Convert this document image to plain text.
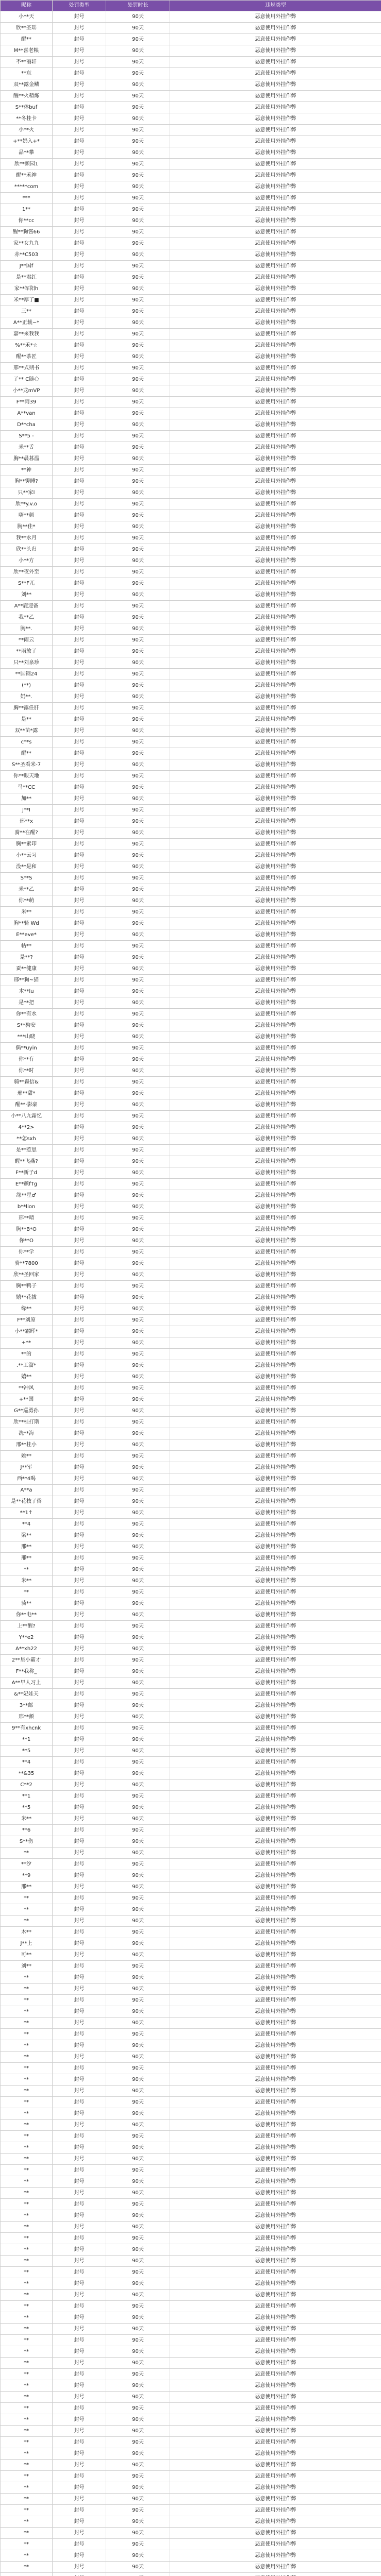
昵称	处罚类型	处罚时长	违规类型
小**天	封号	90天	恶意使用外挂作弊
欣**圣瑶	封号	90天	恶意使用外挂作弊
醒**	封号	90天	恶意使用外挂作弊
M**喜老粮	封号	90天	恶意使用外挂作弊
不**丽轩	封号	90天	恶意使用外挂作弊
**东	封号	90天	恶意使用外挂作弊
双**露金鳞	封号	90天	恶意使用外挂作弊
醒**火精炼	封号	90天	恶意使用外挂作弊
S**体buf	封号	90天	恶意使用外挂作弊
**冬桂卡	封号	90天	恶意使用外挂作弊
小**火	封号	90天	恶意使用外挂作弊
+**奶入+*	封号	90天	恶意使用外挂作弊
品**攀	封号	90天	恶意使用外挂作弊
欣**颜园1	封号	90天	恶意使用外挂作弊
醒**禾神	封号	90天	恶意使用外挂作弊
*****com	封号	90天	恶意使用外挂作弊
***	封号	90天	恶意使用外挂作弊
1**	封号	90天	恶意使用外挂作弊
你**cc	封号	90天	恶意使用外挂作弊
醒**狗酱66	封号	90天	恶意使用外挂作弊
家**女九九	封号	90天	恶意使用外挂作弊
赤**C503	封号	90天	恶意使用外挂作弊
J**国f	封号	90天	恶意使用外挂作弊
是**君红	封号	90天	恶意使用外挂作弊
家**军阳h	封号	90天	恶意使用外挂作弊
米**厚了■	封号	90天	恶意使用外挂作弊
三**	封号	90天	恶意使用外挂作弊
A**正载~*	封号	90天	恶意使用外挂作弊
嘉**来我我	封号	90天	恶意使用外挂作弊
%**禾*☆	封号	90天	恶意使用外挂作弊
醒**茶匠	封号	90天	恶意使用外挂作弊
邢**式朔书	封号	90天	恶意使用外挂作弊
了** C随心	封号	90天	恶意使用外挂作弊
小**龙mVP	封号	90天	恶意使用外挂作弊
F**雨39	封号	90天	恶意使用外挂作弊
A**van	封号	90天	恶意使用外挂作弊
D**cha	封号	90天	恶意使用外挂作弊
S**5 -	封号	90天	恶意使用外挂作弊
米**舌	封号	90天	恶意使用外挂作弊
胸**晨暮温	封号	90天	恶意使用外挂作弊
**神	封号	90天	恶意使用外挂作弊
胸**霁睡?	封号	90天	恶意使用外挂作弊
只**家l	封号	90天	恶意使用外挂作弊
欣**y.v.o	封号	90天	恶意使用外挂作弊
嗨**颜	封号	90天	恶意使用外挂作弊
胸**佳*	封号	90天	恶意使用外挂作弊
我**水月	封号	90天	恶意使用外挂作弊
欣**头归	封号	90天	恶意使用外挂作弊
小**方	封号	90天	恶意使用外挂作弊
欣**夜外至	封号	90天	恶意使用外挂作弊
S**F兀	封号	90天	恶意使用外挂作弊
刘**	封号	90天	恶意使用外挂作弊
A**鹿迎备	封号	90天	恶意使用外挂作弊
我**乙	封号	90天	恶意使用外挂作弊
胸**.	封号	90天	恶意使用外挂作弊
**雨云	封号	90天	恶意使用外挂作弊
**雨放了	封号	90天	恶意使用外挂作弊
只**刘泉珍	封号	90天	恶意使用外挂作弊
**国钢24	封号	90天	恶意使用外挂作弊
(**)	封号	90天	恶意使用外挂作弊
奶**.	封号	90天	恶意使用外挂作弊
胸**露任肝	封号	90天	恶意使用外挂作弊
是**	封号	90天	恶意使用外挂作弊
双**苗*露	封号	90天	恶意使用外挂作弊
c**s	封号	90天	恶意使用外挂作弊
醒**	封号	90天	恶意使用外挂作弊
S**圣看米-7	封号	90天	恶意使用外挂作弊
你**眼天地	封号	90天	恶意使用外挂作弊
马**CC	封号	90天	恶意使用外挂作弊
加**	封号	90天	恶意使用外挂作弊
J**I	封号	90天	恶意使用外挂作弊
邢**x	封号	90天	恶意使用外挂作弊
骑**在醒?	封号	90天	恶意使用外挂作弊
胸**素印	封号	90天	恶意使用外挂作弊
小**云习	封号	90天	恶意使用外挂作弊
没**是和	封号	90天	恶意使用外挂作弊
S**S	封号	90天	恶意使用外挂作弊
米**乙	封号	90天	恶意使用外挂作弊
你**萌	封号	90天	恶意使用外挂作弊
米**	封号	90天	恶意使用外挂作弊
胸**骑 Wd	封号	90天	恶意使用外挂作弊
E**eve*	封号	90天	恶意使用外挂作弊
帖**	封号	90天	恶意使用外挂作弊
是**?	封号	90天	恶意使用外挂作弊
蚕**健康	封号	90天	恶意使用外挂作弊
邢**狗~猫	封号	90天	恶意使用外挂作弊
木**lu	封号	90天	恶意使用外挂作弊
是**把	封号	90天	恶意使用外挂作弊
你**有水	封号	90天	恶意使用外挂作弊
S**狗安	封号	90天	恶意使用外挂作弊
***山晓	封号	90天	恶意使用外挂作弊
偶**uyin	封号	90天	恶意使用外挂作弊
你**有	封号	90天	恶意使用外挂作弊
你**时	封号	90天	恶意使用外挂作弊
骑**森信&	封号	90天	恶意使用外挂作弊
邢**甜*	封号	90天	恶意使用外挂作弊
醒**·影豪	封号	90天	恶意使用外挂作弊
小**八九霜忆	封号	90天	恶意使用外挂作弊
4**2>	封号	90天	恶意使用外挂作弊
**怎sxh	封号	90天	恶意使用外挂作弊
是**惹思	封号	90天	恶意使用外挂作弊
醒**飞燕?	封号	90天	恶意使用外挂作弊
F**新子d	封号	90天	恶意使用外挂作弊
E**颜fTg	封号	90天	恶意使用外挂作弊
缘**星♂	封号	90天	恶意使用外挂作弊
b**lion	封号	90天	恶意使用外挂作弊
邢**晴	封号	90天	恶意使用外挂作弊
胸**B*O	封号	90天	恶意使用外挂作弊
你**O	封号	90天	恶意使用外挂作弊
你**学	封号	90天	恶意使用外挂作弊
骑**7800	封号	90天	恶意使用外挂作弊
欣**圣回家	封号	90天	恶意使用外挂作弊
胸**鸭子	封号	90天	恶意使用外挂作弊
嬉**花拔	封号	90天	恶意使用外挂作弊
缘**	封号	90天	恶意使用外挂作弊
F**刘原	封号	90天	恶意使用外挂作弊
小**霜晖*	封号	90天	恶意使用外挂作弊
+**	封号	90天	恶意使用外挂作弊
**的	封号	90天	恶意使用外挂作弊
.**工溜*	封号	90天	恶意使用外挂作弊
嬉**	封号	90天	恶意使用外挂作弊
**冲风	封号	90天	恶意使用外挂作弊
+**国	封号	90天	恶意使用外挂作弊
G**巡勇孙	封号	90天	恶意使用外挂作弊
欣**桂打斯	封号	90天	恶意使用外挂作弊
冼**海	封号	90天	恶意使用外挂作弊
邢**桂小	封号	90天	恶意使用外挂作弊
姚**	封号	90天	恶意使用外挂作弊
J**军	封号	90天	恶意使用外挂作弊
西**4喝	封号	90天	恶意使用外挂作弊
A**a	封号	90天	恶意使用外挂作弊
是**花枝了俗	封号	90天	恶意使用外挂作弊
**1↑	封号	90天	恶意使用外挂作弊
**4	封号	90天	恶意使用外挂作弊
梁**	封号	90天	恶意使用外挂作弊
邢**	封号	90天	恶意使用外挂作弊
邢**	封号	90天	恶意使用外挂作弊
**	封号	90天	恶意使用外挂作弊
米**	封号	90天	恶意使用外挂作弊
**	封号	90天	恶意使用外挂作弊
骑**	封号	90天	恶意使用外挂作弊
你**电**	封号	90天	恶意使用外挂作弊
上**醒?	封号	90天	恶意使用外挂作弊
Y**e2	封号	90天	恶意使用外挂作弊
A**xh22	封号	90天	恶意使用外挂作弊
2**星小霸才	封号	90天	恶意使用外挂作弊
F**我称_	封号	90天	恶意使用外挂作弊
A**早人习上	封号	90天	恶意使用外挂作弊
&**妃娃天	封号	90天	恶意使用外挂作弊
3**邮	封号	90天	恶意使用外挂作弊
邢**颜	封号	90天	恶意使用外挂作弊
9**有xhcnk	封号	90天	恶意使用外挂作弊
**1	封号	90天	恶意使用外挂作弊
**5	封号	90天	恶意使用外挂作弊
**4	封号	90天	恶意使用外挂作弊
**&35	封号	90天	恶意使用外挂作弊
C**2	封号	90天	恶意使用外挂作弊
**1	封号	90天	恶意使用外挂作弊
**5	封号	90天	恶意使用外挂作弊
米**	封号	90天	恶意使用外挂作弊
**6	封号	90天	恶意使用外挂作弊
S**伤	封号	90天	恶意使用外挂作弊
**	封号	90天	恶意使用外挂作弊
**汐	封号	90天	恶意使用外挂作弊
**9	封号	90天	恶意使用外挂作弊
邢**	封号	90天	恶意使用外挂作弊
**	封号	90天	恶意使用外挂作弊
**	封号	90天	恶意使用外挂作弊
**	封号	90天	恶意使用外挂作弊
木**	封号	90天	恶意使用外挂作弊
J**上	封号	90天	恶意使用外挂作弊
可**	封号	90天	恶意使用外挂作弊
刘**	封号	90天	恶意使用外挂作弊
**	封号	90天	恶意使用外挂作弊
**	封号	90天	恶意使用外挂作弊
**	封号	90天	恶意使用外挂作弊
**	封号	90天	恶意使用外挂作弊
**	封号	90天	恶意使用外挂作弊
**	封号	90天	恶意使用外挂作弊
**	封号	90天	恶意使用外挂作弊
**	封号	90天	恶意使用外挂作弊
**	封号	90天	恶意使用外挂作弊
**	封号	90天	恶意使用外挂作弊
**	封号	90天	恶意使用外挂作弊
**	封号	90天	恶意使用外挂作弊
**	封号	90天	恶意使用外挂作弊
**	封号	90天	恶意使用外挂作弊
**	封号	90天	恶意使用外挂作弊
**	封号	90天	恶意使用外挂作弊
**	封号	90天	恶意使用外挂作弊
**	封号	90天	恶意使用外挂作弊
**	封号	90天	恶意使用外挂作弊
**	封号	90天	恶意使用外挂作弊
**	封号	90天	恶意使用外挂作弊
**	封号	90天	恶意使用外挂作弊
**	封号	90天	恶意使用外挂作弊
**	封号	90天	恶意使用外挂作弊
**	封号	90天	恶意使用外挂作弊
**	封号	90天	恶意使用外挂作弊
**	封号	90天	恶意使用外挂作弊
**	封号	90天	恶意使用外挂作弊
**	封号	90天	恶意使用外挂作弊
**	封号	90天	恶意使用外挂作弊
**	封号	90天	恶意使用外挂作弊
**	封号	90天	恶意使用外挂作弊
**	封号	90天	恶意使用外挂作弊
**	封号	90天	恶意使用外挂作弊
**	封号	90天	恶意使用外挂作弊
**	封号	90天	恶意使用外挂作弊
**	封号	90天	恶意使用外挂作弊
**	封号	90天	恶意使用外挂作弊
**	封号	90天	恶意使用外挂作弊
**	封号	90天	恶意使用外挂作弊
**	封号	90天	恶意使用外挂作弊
**	封号	90天	恶意使用外挂作弊
**	封号	90天	恶意使用外挂作弊
**	封号	90天	恶意使用外挂作弊
**	封号	90天	恶意使用外挂作弊
**	封号	90天	恶意使用外挂作弊
**	封号	90天	恶意使用外挂作弊
**	封号	90天	恶意使用外挂作弊
**	封号	90天	恶意使用外挂作弊
**	封号	90天	恶意使用外挂作弊
**	封号	90天	恶意使用外挂作弊
**	封号	90天	恶意使用外挂作弊
**	封号	90天	恶意使用外挂作弊
